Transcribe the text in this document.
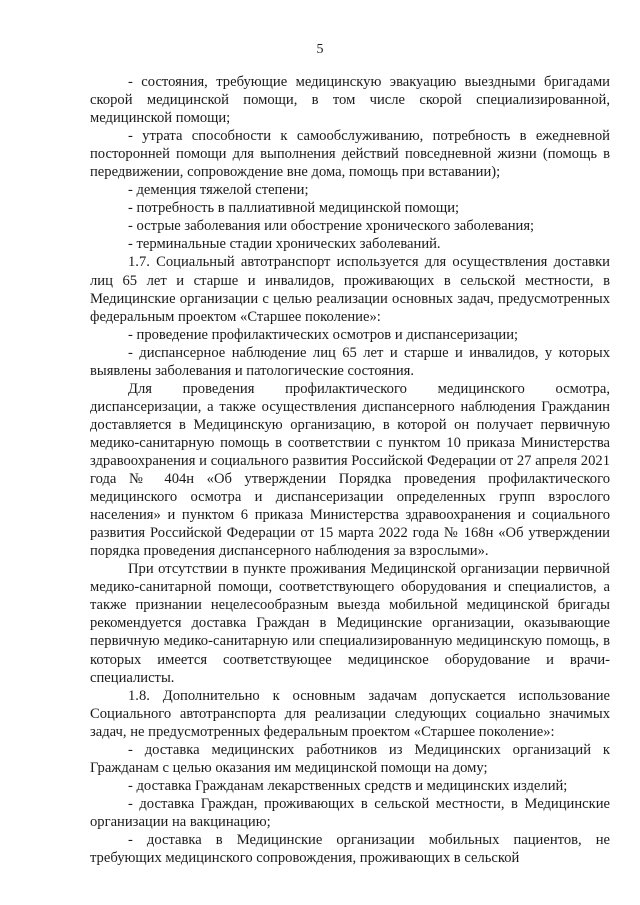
5

- состояния, требующие медицинскую эвакуацию выездными бригадами скорой медицинской помощи, в том числе скорой специализированной, медицинской помощи;

- утрата способности к самообслуживанию, потребность в ежедневной посторонней помощи для выполнения действий повседневной жизни (помощь в передвижении, сопровождение вне дома, помощь при вставании);

- деменция тяжелой степени;

- потребность в паллиативной медицинской помощи;

- острые заболевания или обострение хронического заболевания;

- терминальные стадии хронических заболеваний.

1.7. Социальный автотранспорт используется для осуществления доставки лиц 65 лет и старше и инвалидов, проживающих в сельской местности, в Медицинские организации с целью реализации основных задач, предусмотренных федеральным проектом «Старшее поколение»:

- проведение профилактических осмотров и диспансеризации;

- диспансерное наблюдение лиц 65 лет и старше и инвалидов, у которых выявлены заболевания и патологические состояния.

Для проведения профилактического медицинского осмотра, диспансеризации, а также осуществления диспансерного наблюдения Гражданин доставляется в Медицинскую организацию, в которой он получает первичную медико-санитарную помощь в соответствии с пунктом 10 приказа Министерства здравоохранения и социального развития Российской Федерации от 27 апреля 2021 года № 404н «Об утверждении Порядка проведения профилактического медицинского осмотра и диспансеризации определенных групп взрослого населения» и пунктом 6 приказа Министерства здравоохранения и социального развития Российской Федерации от 15 марта 2022 года № 168н «Об утверждении порядка проведения диспансерного наблюдения за взрослыми».

При отсутствии в пункте проживания Медицинской организации первичной медико-санитарной помощи, соответствующего оборудования и специалистов, а также признании нецелесообразным выезда мобильной медицинской бригады рекомендуется доставка Граждан в Медицинские организации, оказывающие первичную медико-санитарную или специализированную медицинскую помощь, в которых имеется соответствующее медицинское оборудование и врачи-специалисты.

1.8. Дополнительно к основным задачам допускается использование Социального автотранспорта для реализации следующих социально значимых задач, не предусмотренных федеральным проектом «Старшее поколение»:

- доставка медицинских работников из Медицинских организаций к Гражданам с целью оказания им медицинской помощи на дому;

- доставка Гражданам лекарственных средств и медицинских изделий;

- доставка Граждан, проживающих в сельской местности, в Медицинские организации на вакцинацию;

- доставка в Медицинские организации мобильных пациентов, не требующих медицинского сопровождения, проживающих в сельской
